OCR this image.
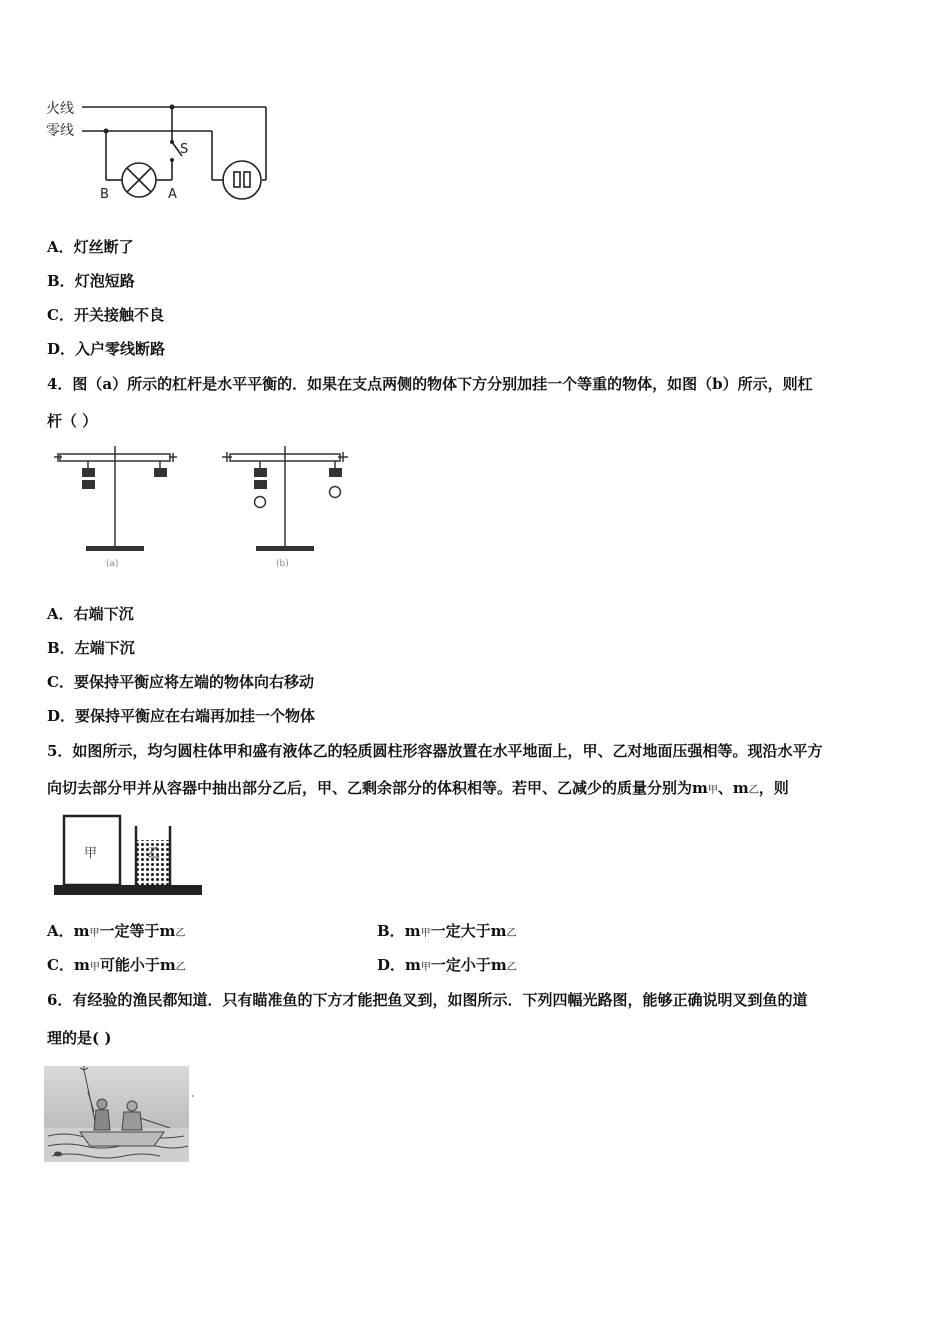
火线
零线
S
B	A
A．灯丝断了
B．灯泡短路
C．开关接触不良
D．入户零线断路
4．图（a）所示的杠杆是水平平衡的．如果在支点两侧的物体下方分别加挂一个等重的物体，如图（b）所示，则杠
杆（ ）
(a)	(b)
A．右端下沉
B．左端下沉
C．要保持平衡应将左端的物体向右移动
D．要保持平衡应在右端再加挂一个物体
5．如图所示，均匀圆柱体甲和盛有液体乙的轻质圆柱形容器放置在水平地面上，甲、乙对地面压强相等。现沿水平方
向切去部分甲并从容器中抽出部分乙后，甲、乙剩余部分的体积相等。若甲、乙减少的质量分别为m甲、m乙，则
甲	乙
A．m甲一定等于m乙	B．m甲一定大于m乙
C．m甲可能小于m乙	D．m甲一定小于m乙
6．有经验的渔民都知道．只有瞄准鱼的下方才能把鱼叉到，如图所示．下列四幅光路图，能够正确说明叉到鱼的道
理的是( )
